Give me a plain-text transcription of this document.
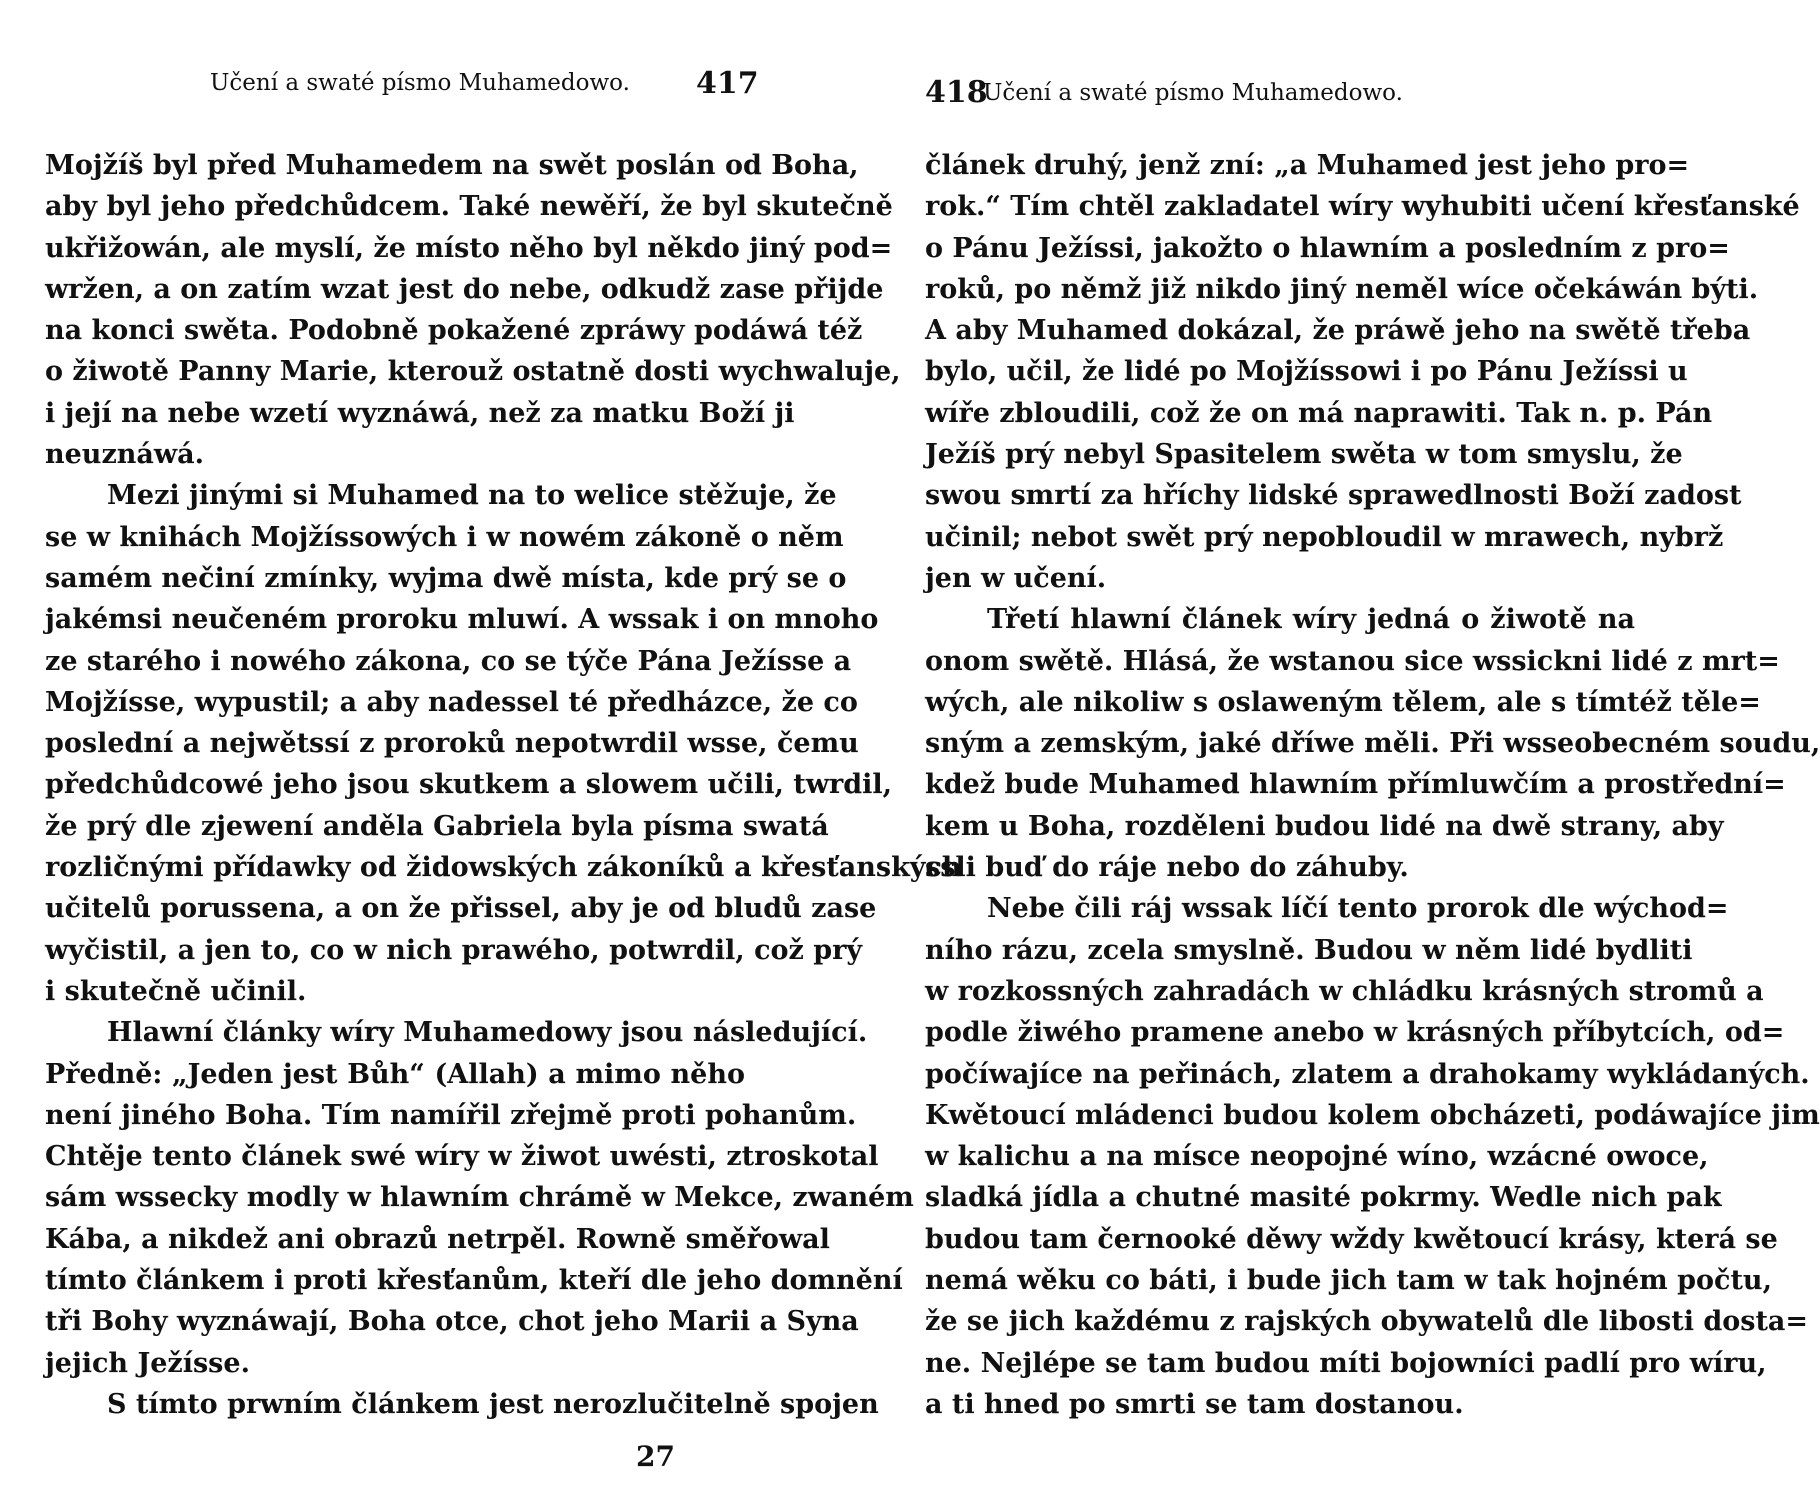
Učení a swaté písmo Muhamedowo. 417
Mojžíš byl před Muhamedem na swět poslán od Boha,
aby byl jeho předchůdcem. Také newěří, že byl skutečně
ukřižowán, ale myslí, že místo něho byl někdo jiný pod=
wržen, a on zatím wzat jest do nebe, odkudž zase přijde
na konci swěta. Podobně pokažené zpráwy podáwá též
o žiwotě Panny Marie, kterouž ostatně dosti wychwaluje,
i její na nebe wzetí wyznáwá, než za matku Boží ji
neuznáwá.
Mezi jinými si Muhamed na to welice stěžuje, že
se w knihách Mojžíssowých i w nowém zákoně o něm
samém nečiní zmínky, wyjma dwě místa, kde prý se o
jakémsi neučeném proroku mluwí. A wssak i on mnoho
ze starého i nowého zákona, co se týče Pána Ježísse a
Mojžísse, wypustil; a aby nadessel té předházce, že co
poslední a nejwětssí z proroků nepotwrdil wsse, čemu
předchůdcowé jeho jsou skutkem a slowem učili, twrdil,
že prý dle zjewení anděla Gabriela byla písma swatá
rozličnými přídawky od židowských zákoníků a křesťanských
učitelů porussena, a on že přissel, aby je od bludů zase
wyčistil, a jen to, co w nich prawého, potwrdil, což prý
i skutečně učinil.
Hlawní články wíry Muhamedowy jsou následující.
Předně: „Jeden jest Bůh“ (Allah) a mimo něho
není jiného Boha. Tím namířil zřejmě proti pohanům.
Chtěje tento článek swé wíry w žiwot uwésti, ztroskotal
sám wssecky modly w hlawním chrámě w Mekce, zwaném
Kába, a nikdež ani obrazů netrpěl. Rowně směřowal
tímto článkem i proti křesťanům, kteří dle jeho domnění
tři Bohy wyznáwají, Boha otce, chot jeho Marii a Syna
jejich Ježísse.
S tímto prwním článkem jest nerozlučitelně spojen
27
418
Učení a swaté písmo Muhamedowo.
článek druhý, jenž zní: „a Muhamed jest jeho pro=
rok.“ Tím chtěl zakladatel wíry wyhubiti učení křesťanské
o Pánu Ježíssi, jakožto o hlawním a posledním z pro=
roků, po němž již nikdo jiný neměl wíce očekáwán býti.
A aby Muhamed dokázal, že práwě jeho na swětě třeba
bylo, učil, že lidé po Mojžíssowi i po Pánu Ježíssi u
wíře zbloudili, což že on má naprawiti. Tak n. p. Pán
Ježíš prý nebyl Spasitelem swěta w tom smyslu, že
swou smrtí za hříchy lidské sprawedlnosti Boží zadost
učinil; nebot swět prý nepobloudil w mrawech, nybrž
jen w učení.
Třetí hlawní článek wíry jedná o žiwotě na
onom swětě. Hlásá, že wstanou sice wssickni lidé z mrt=
wých, ale nikoliw s oslaweným tělem, ale s tímtéž těle=
sným a zemským, jaké dříwe měli. Při wsseobecném soudu,
kdež bude Muhamed hlawním přímluwčím a prostřední=
kem u Boha, rozděleni budou lidé na dwě strany, aby
ssli buď do ráje nebo do záhuby.
Nebe čili ráj wssak líčí tento prorok dle wýchod=
ního rázu, zcela smyslně. Budou w něm lidé bydliti
w rozkossných zahradách w chládku krásných stromů a
podle žiwého pramene anebo w krásných příbytcích, od=
počíwajíce na peřinách, zlatem a drahokamy wykládaných.
Kwětoucí mládenci budou kolem obcházeti, podáwajíce jim
w kalichu a na mísce neopojné wíno, wzácné owoce,
sladká jídla a chutné masité pokrmy. Wedle nich pak
budou tam černooké děwy wždy kwětoucí krásy, která se
nemá wěku co báti, i bude jich tam w tak hojném počtu,
že se jich každému z rajských obywatelů dle libosti dosta=
ne. Nejlépe se tam budou míti bojowníci padlí pro wíru,
a ti hned po smrti se tam dostanou.
